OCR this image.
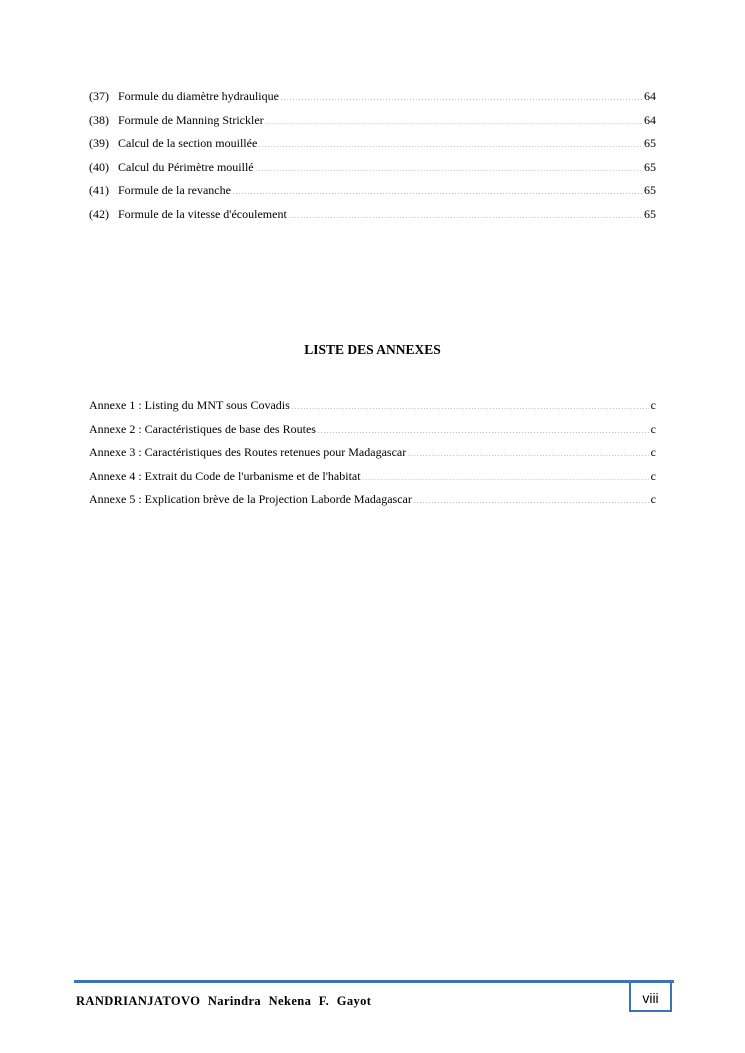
(37) Formule du diamètre hydraulique .....	64
(38) Formule de Manning Strickler .....	64
(39) Calcul de la section mouillée .....	65
(40) Calcul du Périmètre mouillé .....	65
(41) Formule de la revanche .....	65
(42) Formule de la vitesse d'écoulement .....	65
LISTE DES ANNEXES
Annexe 1 : Listing du MNT sous Covadis .....	c
Annexe 2 : Caractéristiques de base des Routes .....	c
Annexe 3 : Caractéristiques des Routes retenues pour Madagascar .....	c
Annexe 4 : Extrait du Code de l'urbanisme et de l'habitat .....	c
Annexe 5 : Explication brève de la Projection Laborde Madagascar .....	c
RANDRIANJATOVO Narindra Nekena F. Gayot	viii
